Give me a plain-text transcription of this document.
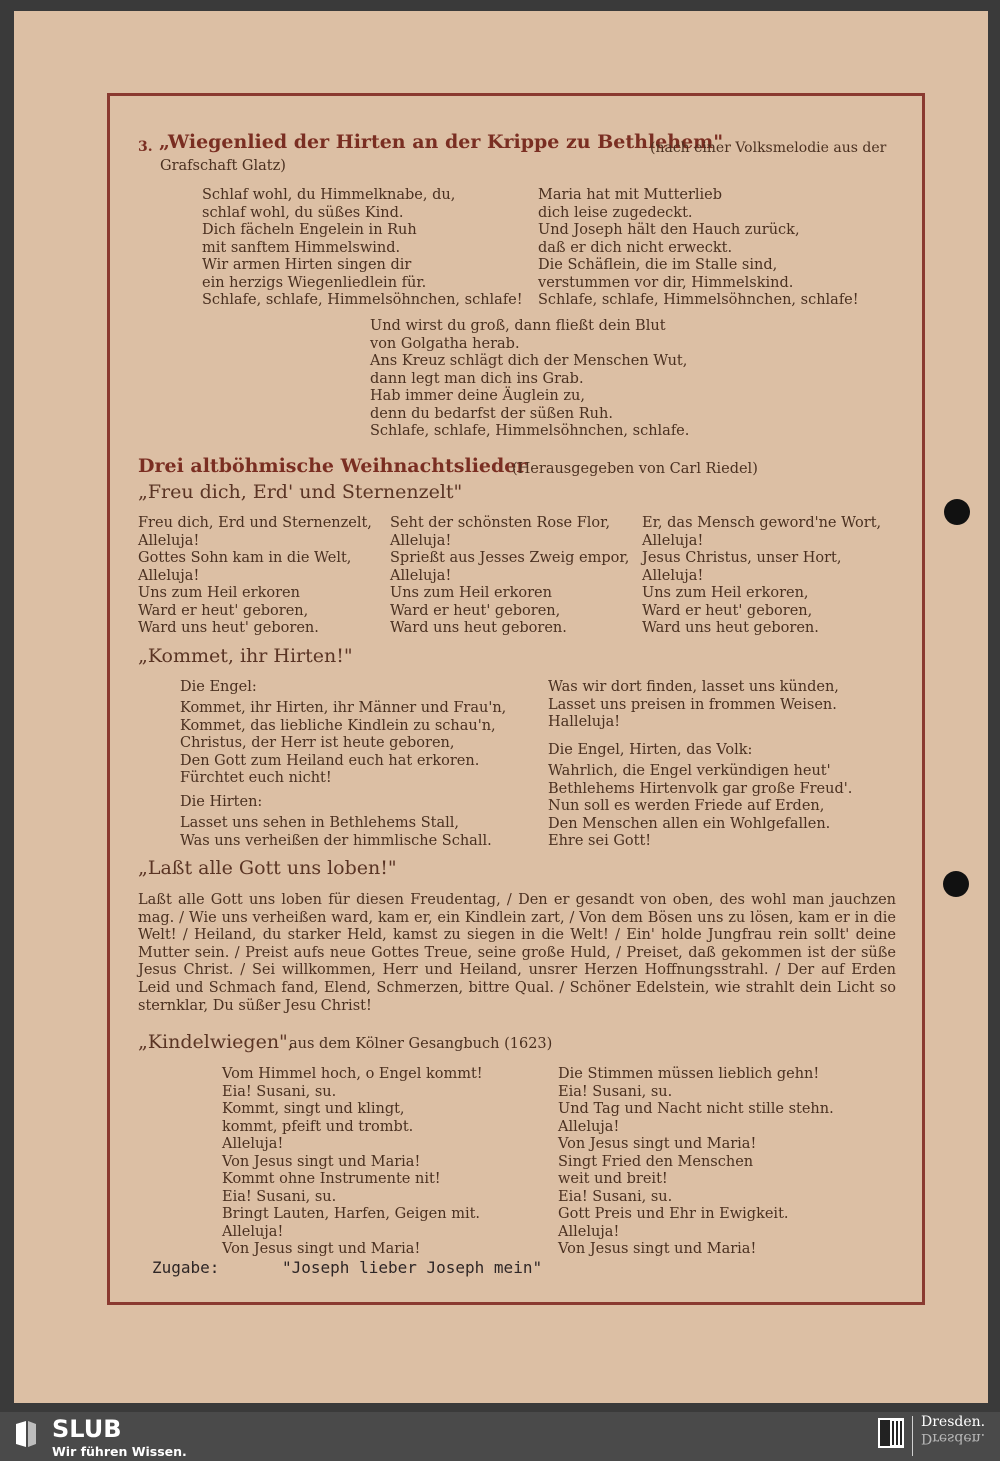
3. „Wiegenlied der Hirten an der Krippe zu Bethlehem"
(nach einer Volksmelodie aus der
Grafschaft Glatz)
Schlaf wohl, du Himmelknabe, du,
schlaf wohl, du süßes Kind.
Dich fächeln Engelein in Ruh
mit sanftem Himmelswind.
Wir armen Hirten singen dir
ein herzigs Wiegenliedlein für.
Schlafe, schlafe, Himmelsöhnchen, schlafe!
Maria hat mit Mutterlieb
dich leise zugedeckt.
Und Joseph hält den Hauch zurück,
daß er dich nicht erweckt.
Die Schäflein, die im Stalle sind,
verstummen vor dir, Himmelskind.
Schlafe, schlafe, Himmelsöhnchen, schlafe!
Und wirst du groß, dann fließt dein Blut
von Golgatha herab.
Ans Kreuz schlägt dich der Menschen Wut,
dann legt man dich ins Grab.
Hab immer deine Äuglein zu,
denn du bedarfst der süßen Ruh.
Schlafe, schlafe, Himmelsöhnchen, schlafe.
Drei altböhmische Weihnachtslieder
(Herausgegeben von Carl Riedel)
„Freu dich, Erd' und Sternenzelt"
Freu dich, Erd und Sternenzelt,
Alleluja!
Gottes Sohn kam in die Welt,
Alleluja!
Uns zum Heil erkoren
Ward er heut' geboren,
Ward uns heut' geboren.
Seht der schönsten Rose Flor,
Alleluja!
Sprießt aus Jesses Zweig empor,
Alleluja!
Uns zum Heil erkoren
Ward er heut' geboren,
Ward uns heut geboren.
Er, das Mensch geword'ne Wort,
Alleluja!
Jesus Christus, unser Hort,
Alleluja!
Uns zum Heil erkoren,
Ward er heut' geboren,
Ward uns heut geboren.
„Kommet, ihr Hirten!"
Die Engel:
Kommet, ihr Hirten, ihr Männer und Frau'n,
Kommet, das liebliche Kindlein zu schau'n,
Christus, der Herr ist heute geboren,
Den Gott zum Heiland euch hat erkoren.
Fürchtet euch nicht!
Die Hirten:
Lasset uns sehen in Bethlehems Stall,
Was uns verheißen der himmlische Schall.
Was wir dort finden, lasset uns künden,
Lasset uns preisen in frommen Weisen.
Halleluja!
Die Engel, Hirten, das Volk:
Wahrlich, die Engel verkündigen heut'
Bethlehems Hirtenvolk gar große Freud'.
Nun soll es werden Friede auf Erden,
Den Menschen allen ein Wohlgefallen.
Ehre sei Gott!
„Laßt alle Gott uns loben!"
Laßt alle Gott uns loben für diesen Freudentag, / Den er gesandt von oben, des wohl man jauchzen mag. / Wie uns verheißen ward, kam er, ein Kindlein zart, / Von dem Bösen uns zu lösen, kam er in die Welt! / Heiland, du starker Held, kamst zu siegen in die Welt! / Ein' holde Jungfrau rein sollt' deine Mutter sein. / Preist aufs neue Gottes Treue, seine große Huld, / Preiset, daß gekommen ist der süße Jesus Christ. / Sei willkommen, Herr und Heiland, unsrer Herzen Hoffnungsstrahl. / Der auf Erden Leid und Schmach fand, Elend, Schmerzen, bittre Qual. / Schöner Edelstein, wie strahlt dein Licht so sternklar, Du süßer Jesu Christ!
„Kindelwiegen",
aus dem Kölner Gesangbuch (1623)
Vom Himmel hoch, o Engel kommt!
Eia! Susani, su.
Kommt, singt und klingt,
kommt, pfeift und trombt.
Alleluja!
Von Jesus singt und Maria!
Kommt ohne Instrumente nit!
Eia! Susani, su.
Bringt Lauten, Harfen, Geigen mit.
Alleluja!
Von Jesus singt und Maria!
Die Stimmen müssen lieblich gehn!
Eia! Susani, su.
Und Tag und Nacht nicht stille stehn.
Alleluja!
Von Jesus singt und Maria!
Singt Fried den Menschen
weit und breit!
Eia! Susani, su.
Gott Preis und Ehr in Ewigkeit.
Alleluja!
Von Jesus singt und Maria!
Zugabe:	"Joseph lieber Joseph mein"
SLUB
Wir führen Wissen.
Dresden.
Dresden.
